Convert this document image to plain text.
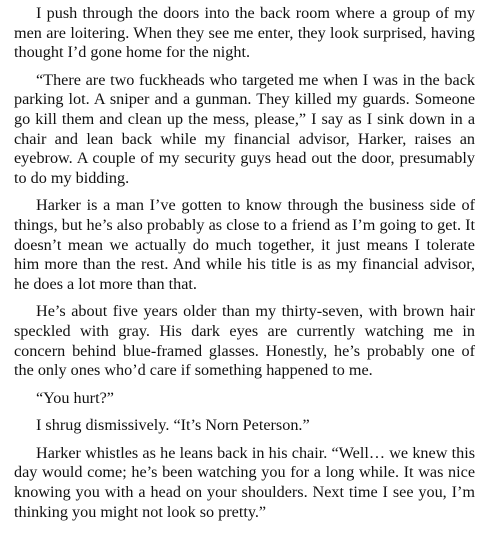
I push through the doors into the back room where a group of my men are loitering. When they see me enter, they look surprised, having thought I’d gone home for the night.

“There are two fuckheads who targeted me when I was in the back parking lot. A sniper and a gunman. They killed my guards. Someone go kill them and clean up the mess, please,” I say as I sink down in a chair and lean back while my financial advisor, Harker, raises an eyebrow. A couple of my security guys head out the door, presumably to do my bidding.

Harker is a man I’ve gotten to know through the business side of things, but he’s also probably as close to a friend as I’m going to get. It doesn’t mean we actually do much together, it just means I tolerate him more than the rest. And while his title is as my financial advisor, he does a lot more than that.

He’s about five years older than my thirty-seven, with brown hair speckled with gray. His dark eyes are currently watching me in concern behind blue-framed glasses. Honestly, he’s probably one of the only ones who’d care if something happened to me.

“You hurt?”

I shrug dismissively. “It’s Norn Peterson.”

Harker whistles as he leans back in his chair. “Well… we knew this day would come; he’s been watching you for a long while. It was nice knowing you with a head on your shoulders. Next time I see you, I’m thinking you might not look so pretty.”
